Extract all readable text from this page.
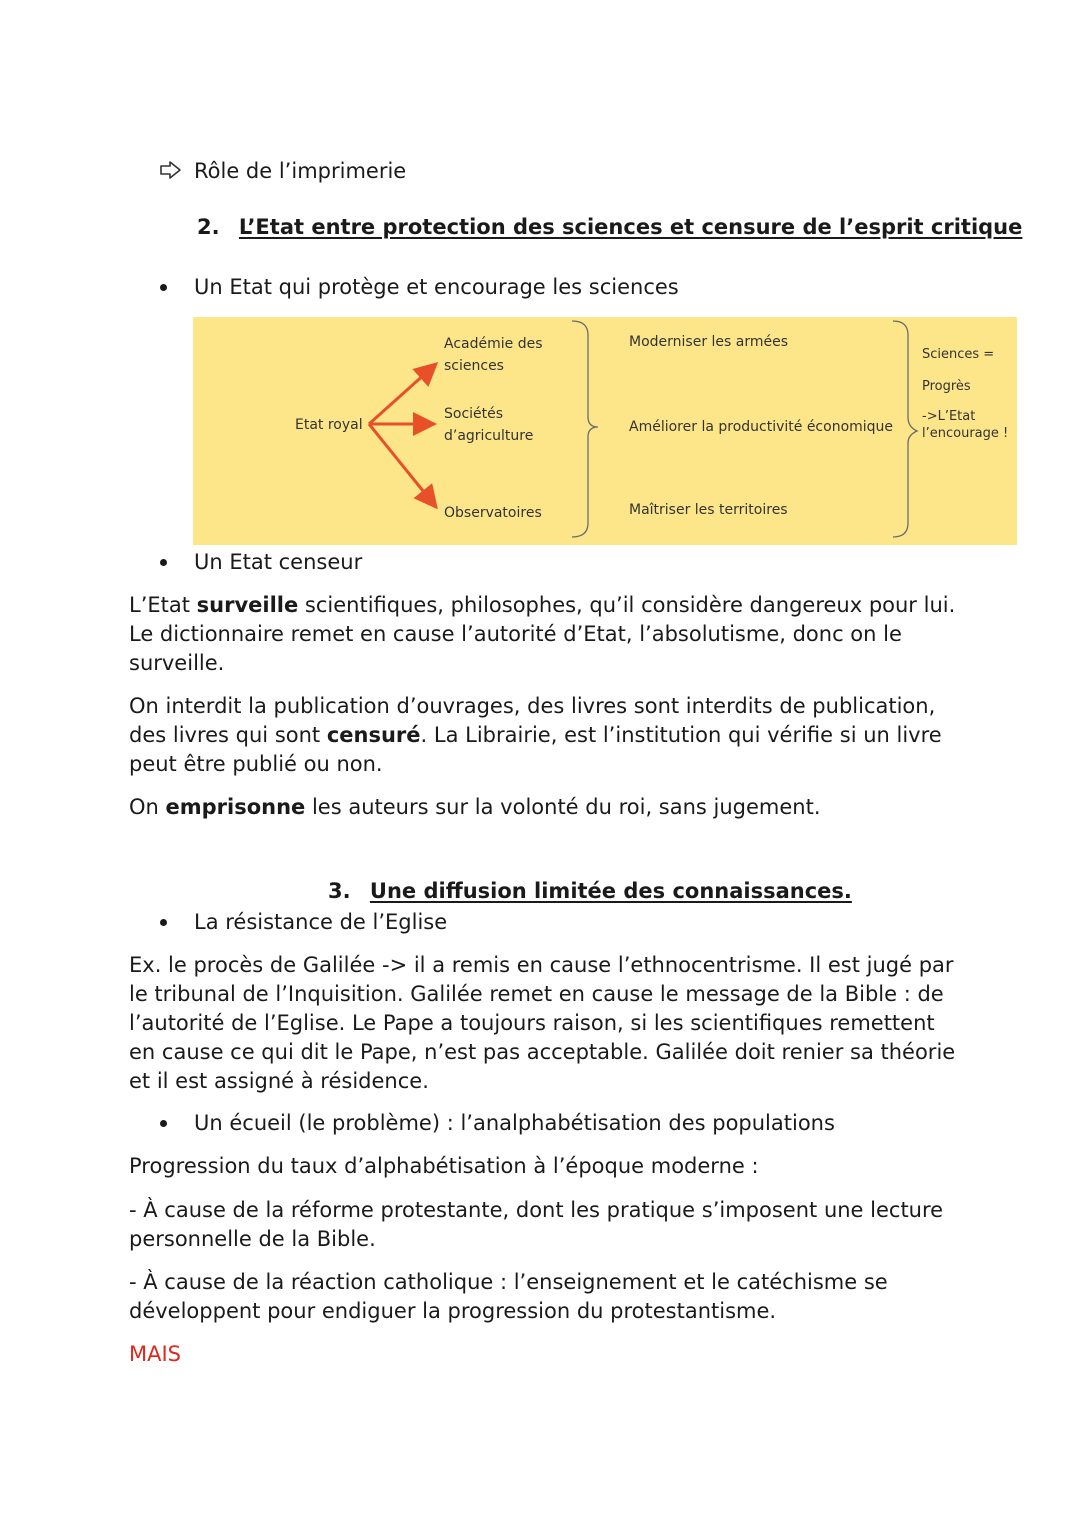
Rôle de l’imprimerie
2. L’Etat entre protection des sciences et censure de l’esprit critique
Un Etat qui protège et encourage les sciences
Etat royal
Académie des sciences
Sociétés d’agriculture
Observatoires
Moderniser les armées
Améliorer la productivité économique
Maîtriser les territoires
Sciences =
Progrès
->L’Etat l’encourage !
Un Etat censeur

L’Etat surveille scientifiques, philosophes, qu’il considère dangereux pour lui. Le dictionnaire remet en cause l’autorité d’Etat, l’absolutisme, donc on le surveille.

On interdit la publication d’ouvrages, des livres sont interdits de publication, des livres qui sont censuré. La Librairie, est l’institution qui vérifie si un livre peut être publié ou non.

On emprisonne les auteurs sur la volonté du roi, sans jugement.

3. Une diffusion limitée des connaissances.
La résistance de l’Eglise

Ex. le procès de Galilée -> il a remis en cause l’ethnocentrisme. Il est jugé par le tribunal de l’Inquisition. Galilée remet en cause le message de la Bible : de l’autorité de l’Eglise. Le Pape a toujours raison, si les scientifiques remettent en cause ce qui dit le Pape, n’est pas acceptable. Galilée doit renier sa théorie et il est assigné à résidence.

Un écueil (le problème) : l’analphabétisation des populations

Progression du taux d’alphabétisation à l’époque moderne :

- À cause de la réforme protestante, dont les pratique s’imposent une lecture personnelle de la Bible.

- À cause de la réaction catholique : l’enseignement et le catéchisme se développent pour endiguer la progression du protestantisme.

MAIS
